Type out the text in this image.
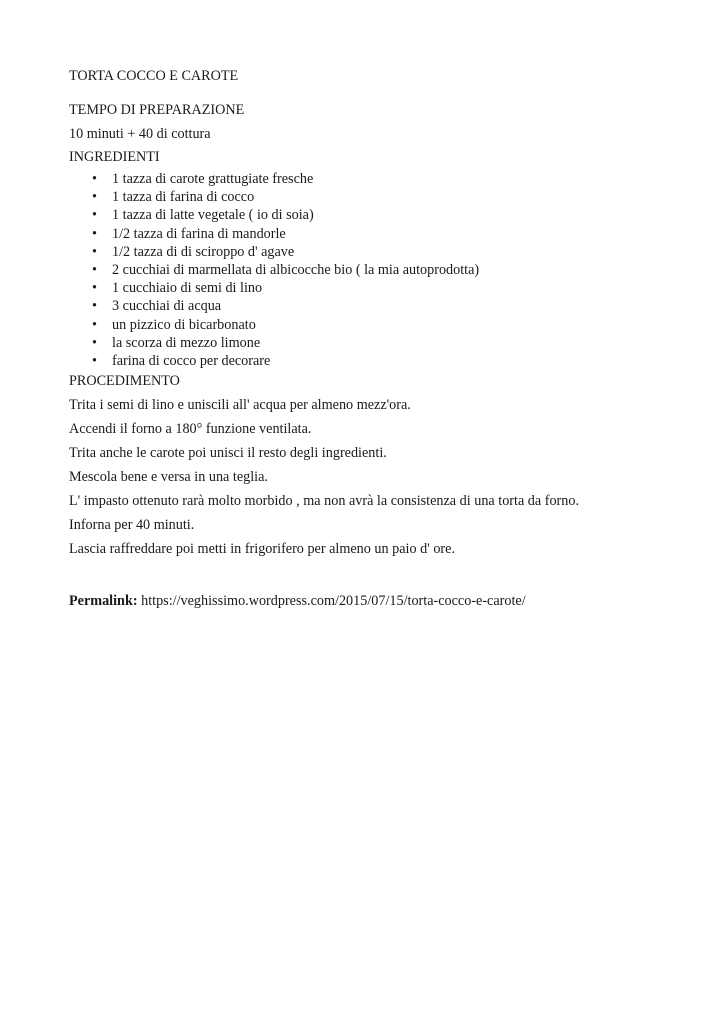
TORTA COCCO E CAROTE

TEMPO DI PREPARAZIONE

10 minuti + 40 di cottura

INGREDIENTI

• 1 tazza di carote grattugiate fresche
• 1 tazza di farina di cocco
• 1 tazza di latte vegetale ( io di soia)
• 1/2 tazza di farina di mandorle
• 1/2 tazza di di sciroppo d' agave
• 2 cucchiai di marmellata di albicocche bio ( la mia autoprodotta)
• 1 cucchiaio di semi di lino
• 3 cucchiai di acqua
• un pizzico di bicarbonato
• la scorza di mezzo limone
• farina di cocco per decorare

PROCEDIMENTO

Trita i semi di lino e uniscili all' acqua per almeno mezz'ora.

Accendi il forno a 180° funzione ventilata.

Trita anche le carote poi unisci il resto degli ingredienti.

Mescola bene e versa in una teglia.

L' impasto ottenuto rarà molto morbido , ma non avrà la consistenza di una torta da forno.

Inforna per 40 minuti.

Lascia raffreddare poi metti in frigorifero per almeno un paio d' ore.

Permalink: https://veghissimo.wordpress.com/2015/07/15/torta-cocco-e-carote/
